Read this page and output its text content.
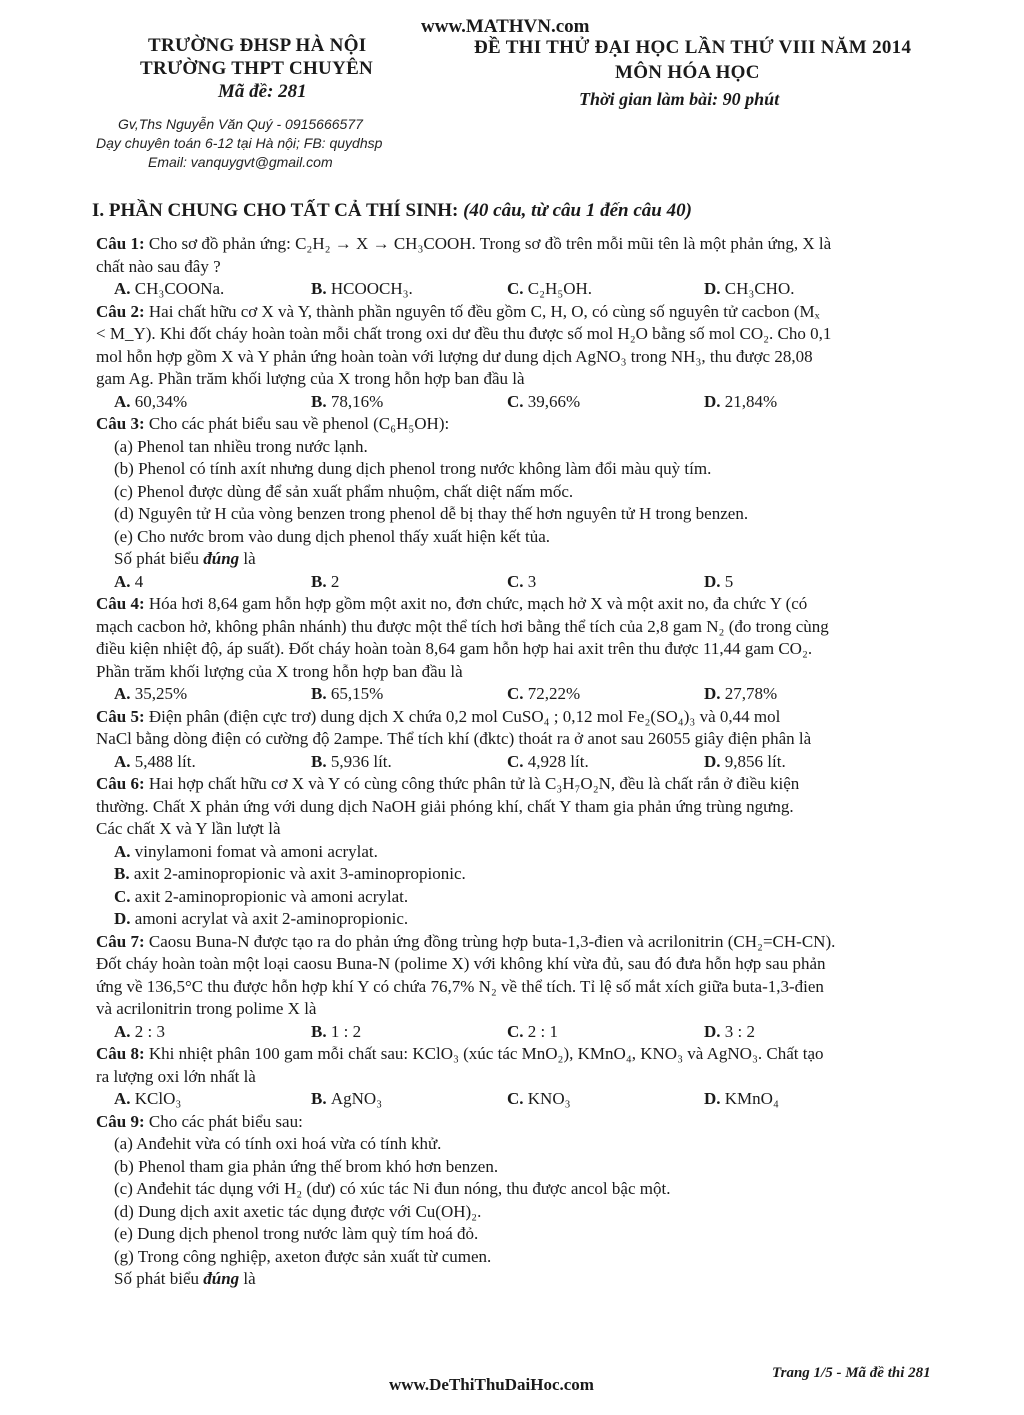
www.MATHVN.com
TRƯỜNG ĐHSP HÀ NỘI
TRƯỜNG THPT CHUYÊN
Mã đề: 281
Gv,Ths Nguyễn Văn Quý - 0915666577
Dạy chuyên toán 6-12 tại Hà nội; FB: quydhsp
Email: vanquygvt@gmail.com
ĐỀ THI THỬ ĐẠI HỌC LẦN THỨ VIII NĂM 2014
MÔN HÓA HỌC
Thời gian làm bài: 90 phút
I. PHẦN CHUNG CHO TẤT CẢ THÍ SINH: (40 câu, từ câu 1 đến câu 40)

Câu 1: Cho sơ đồ phản ứng: C₂H₂ → X → CH₃COOH. Trong sơ đồ trên mỗi mũi tên là một phản ứng, X là

chất nào sau đây ?

A. CH₃COONa.	B. HCOOCH₃.	C. C₂H₅OH.	D. CH₃CHO.

Câu 2: Hai chất hữu cơ X và Y, thành phần nguyên tố đều gồm C, H, O, có cùng số nguyên tử cacbon (Mₓ

< M_Y). Khi đốt cháy hoàn toàn mỗi chất trong oxi dư đều thu được số mol H₂O bằng số mol CO₂. Cho 0,1

mol hỗn hợp gồm X và Y phản ứng hoàn toàn với lượng dư dung dịch AgNO₃ trong NH₃, thu được 28,08

gam Ag. Phần trăm khối lượng của X trong hỗn hợp ban đầu là

A. 60,34%	B. 78,16%	C. 39,66%	D. 21,84%

Câu 3: Cho các phát biểu sau về phenol (C₆H₅OH):

(a) Phenol tan nhiều trong nước lạnh.

(b) Phenol có tính axít nhưng dung dịch phenol trong nước không làm đổi màu quỳ tím.

(c) Phenol được dùng để sản xuất phẩm nhuộm, chất diệt nấm mốc.

(d) Nguyên tử H của vòng benzen trong phenol dễ bị thay thế hơn nguyên tử H trong benzen.

(e) Cho nước brom vào dung dịch phenol thấy xuất hiện kết tủa.

Số phát biểu đúng là

A. 4	B. 2	C. 3	D. 5

Câu 4: Hóa hơi 8,64 gam hỗn hợp gồm một axit no, đơn chức, mạch hở X và một axit no, đa chức Y (có

mạch cacbon hở, không phân nhánh) thu được một thể tích hơi bằng thể tích của 2,8 gam N₂ (đo trong cùng

điều kiện nhiệt độ, áp suất). Đốt cháy hoàn toàn 8,64 gam hỗn hợp hai axit trên thu được 11,44 gam CO₂.

Phần trăm khối lượng của X trong hỗn hợp ban đầu là

A. 35,25%	B. 65,15%	C. 72,22%	D. 27,78%

Câu 5: Điện phân (điện cực trơ) dung dịch X chứa 0,2 mol CuSO₄ ; 0,12 mol Fe₂(SO₄)₃ và 0,44 mol

NaCl bằng dòng điện có cường độ 2ampe. Thể tích khí (đktc) thoát ra ở anot sau 26055 giây điện phân là

A. 5,488 lít.	B. 5,936 lít.	C. 4,928 lít.	D. 9,856 lít.

Câu 6: Hai hợp chất hữu cơ X và Y có cùng công thức phân tử là C₃H₇O₂N, đều là chất rắn ở điều kiện

thường. Chất X phản ứng với dung dịch NaOH giải phóng khí, chất Y tham gia phản ứng trùng ngưng.

Các chất X và Y lần lượt là

A. vinylamoni fomat và amoni acrylat.

B. axit 2-aminopropionic và axit 3-aminopropionic.

C. axit 2-aminopropionic và amoni acrylat.

D. amoni acrylat và axit 2-aminopropionic.

Câu 7: Caosu Buna-N được tạo ra do phản ứng đồng trùng hợp buta-1,3-đien và acrilonitrin (CH₂=CH-CN).

Đốt cháy hoàn toàn một loại caosu Buna-N (polime X) với không khí vừa đủ, sau đó đưa hỗn hợp sau phản

ứng về 136,5°C thu được hỗn hợp khí Y có chứa 76,7% N₂ về thể tích. Tỉ lệ số mắt xích giữa buta-1,3-đien

và acrilonitrin trong polime X là

A. 2 : 3	B. 1 : 2	C. 2 : 1	D. 3 : 2

Câu 8: Khi nhiệt phân 100 gam mỗi chất sau: KClO₃ (xúc tác MnO₂), KMnO₄, KNO₃ và AgNO₃. Chất tạo

ra lượng oxi lớn nhất là

A. KClO₃	B. AgNO₃	C. KNO₃	D. KMnO₄

Câu 9: Cho các phát biểu sau:

(a) Anđehit vừa có tính oxi hoá vừa có tính khử.

(b) Phenol tham gia phản ứng thế brom khó hơn benzen.

(c) Anđehit tác dụng với H₂ (dư) có xúc tác Ni đun nóng, thu được ancol bậc một.

(d) Dung dịch axit axetic tác dụng được với Cu(OH)₂.

(e) Dung dịch phenol trong nước làm quỳ tím hoá đỏ.

(g) Trong công nghiệp, axeton được sản xuất từ cumen.

Số phát biểu đúng là

Trang 1/5 - Mã đề thi 281
www.DeThiThuDaiHoc.com
